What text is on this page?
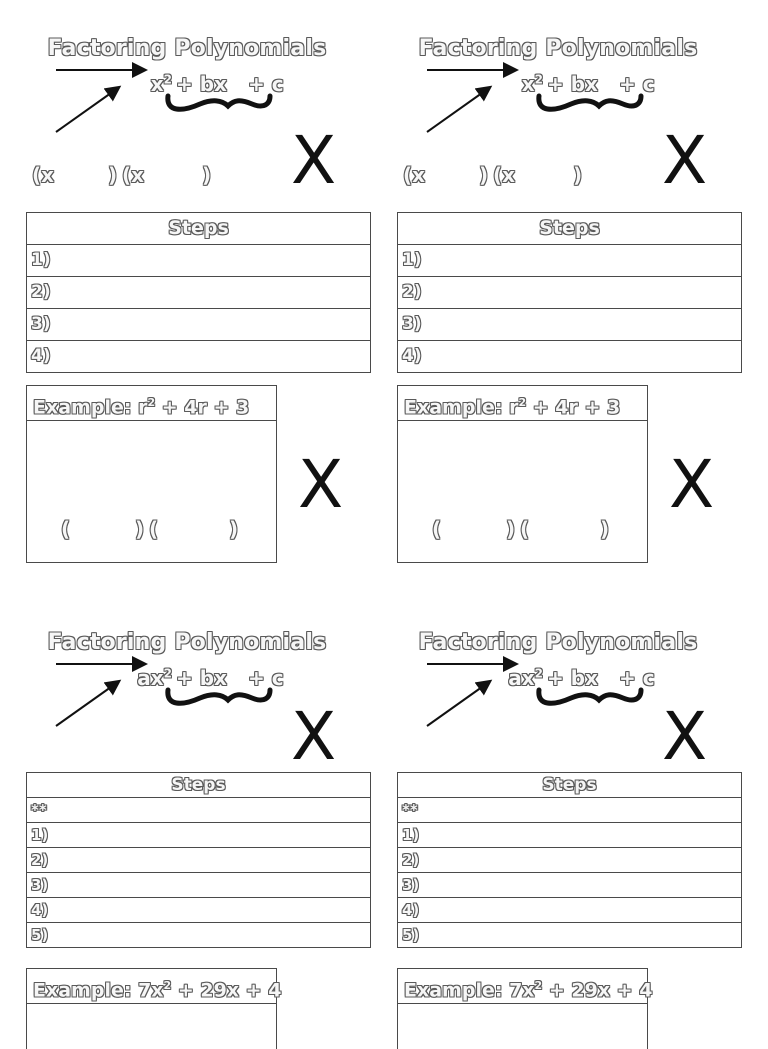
Factoring Polynomials
$x^2$ + bx + c
(x	) (x	) X
Steps
1)
2)
3)
4)
Example: $r^2 + 4r + 3$
(	) (	)
X
Factoring Polynomials
$x^2$ + bx + c
(x	) (x	) X
Steps
1)
2)
3)
4)
Example: $r^2 + 4r + 3$
(	) (	)
X
Factoring Polynomials
$ax^2$ + bx + c
X
Steps
**
1)
2)
3)
4)
5)
Example: $7x^2 + 29x + 4$
Factoring Polynomials
$ax^2$ + bx + c
X
Steps
**
1)
2)
3)
4)
5)
Example: $7x^2 + 29x + 4$
